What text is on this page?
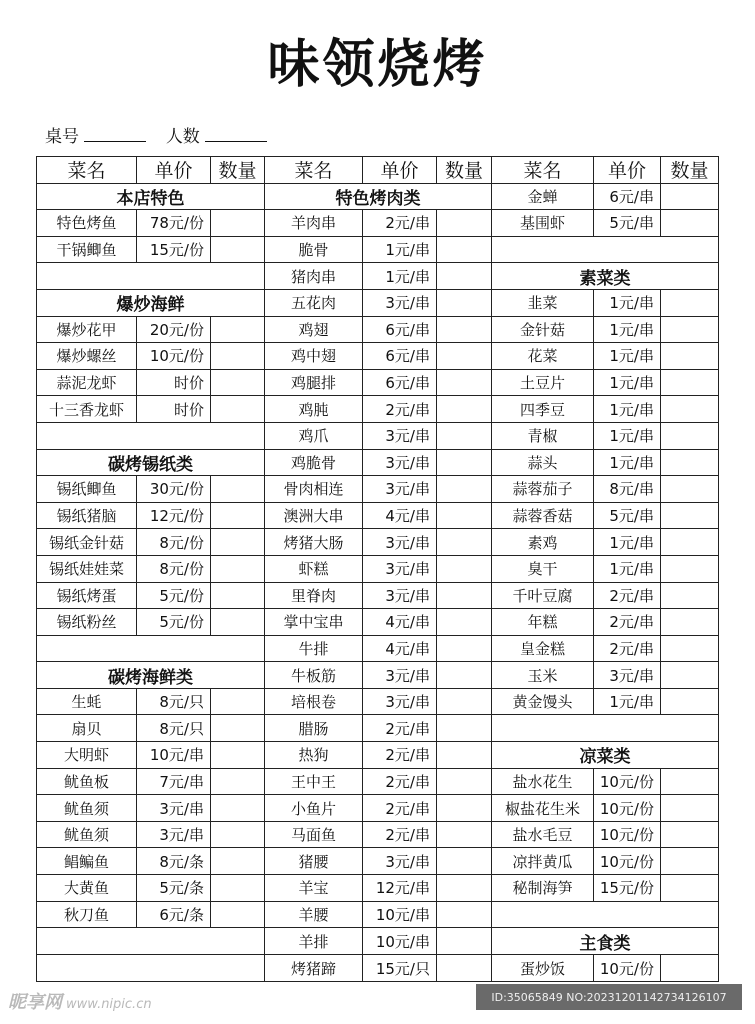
味领烧烤
桌号	人数
菜名	单价	数量
本店特色
特色烤鱼	78元/份
干锅鲫鱼	15元/份
爆炒海鲜
爆炒花甲	20元/份
爆炒螺丝	10元/份
蒜泥龙虾	时价
十三香龙虾	时价
碳烤锡纸类
锡纸鲫鱼	30元/份
锡纸猪脑	12元/份
锡纸金针菇	8元/份
锡纸娃娃菜	8元/份
锡纸烤蛋	5元/份
锡纸粉丝	5元/份
碳烤海鲜类
生蚝	8元/只
扇贝	8元/只
大明虾	10元/串
鱿鱼板	7元/串
鱿鱼须	3元/串
鱿鱼须	3元/串
鲳鳊鱼	8元/条
大黄鱼	5元/条
秋刀鱼	6元/条
菜名	单价	数量
特色烤肉类
羊肉串	2元/串
脆骨	1元/串
猪肉串	1元/串
五花肉	3元/串
鸡翅	6元/串
鸡中翅	6元/串
鸡腿排	6元/串
鸡肫	2元/串
鸡爪	3元/串
鸡脆骨	3元/串
骨肉相连	3元/串
澳洲大串	4元/串
烤猪大肠	3元/串
虾糕	3元/串
里脊肉	3元/串
掌中宝串	4元/串
牛排	4元/串
牛板筋	3元/串
培根卷	3元/串
腊肠	2元/串
热狗	2元/串
王中王	2元/串
小鱼片	2元/串
马面鱼	2元/串
猪腰	3元/串
羊宝	12元/串
羊腰	10元/串
羊排	10元/串
烤猪蹄	15元/只
菜名	单价	数量
金蝉	6元/串
基围虾	5元/串
素菜类
韭菜	1元/串
金针菇	1元/串
花菜	1元/串
土豆片	1元/串
四季豆	1元/串
青椒	1元/串
蒜头	1元/串
蒜蓉茄子	8元/串
蒜蓉香菇	5元/串
素鸡	1元/串
臭干	1元/串
千叶豆腐	2元/串
年糕	2元/串
皇金糕	2元/串
玉米	3元/串
黄金馒头	1元/串
凉菜类
盐水花生	10元/份
椒盐花生米	10元/份
盐水毛豆	10元/份
凉拌黄瓜	10元/份
秘制海笋	15元/份
主食类
蛋炒饭	10元/份
昵享网 www.nipic.cn	ID:35065849 NO:20231201142734126107
